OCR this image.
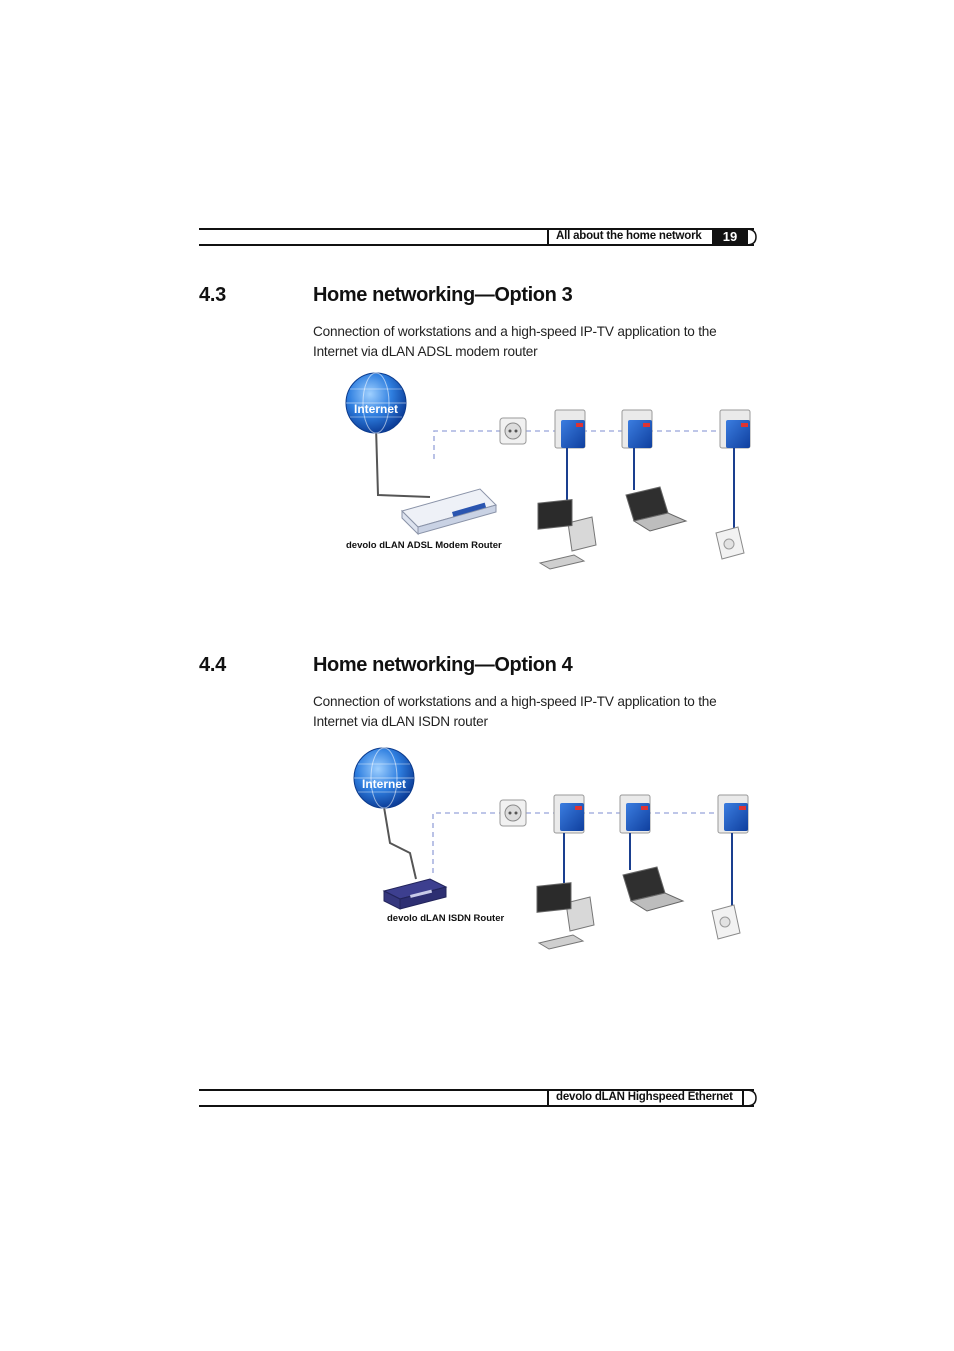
All about the home network	19
4.3	Home networking—Option 3
Connection of workstations and a high-speed IP-TV application to the Internet via dLAN ADSL modem router
Internet
devolo dLAN ADSL Modem Router
4.4	Home networking—Option 4
Connection of workstations and a high-speed IP-TV application to the Internet via dLAN ISDN router
Internet
devolo dLAN ISDN Router
devolo dLAN Highspeed Ethernet
